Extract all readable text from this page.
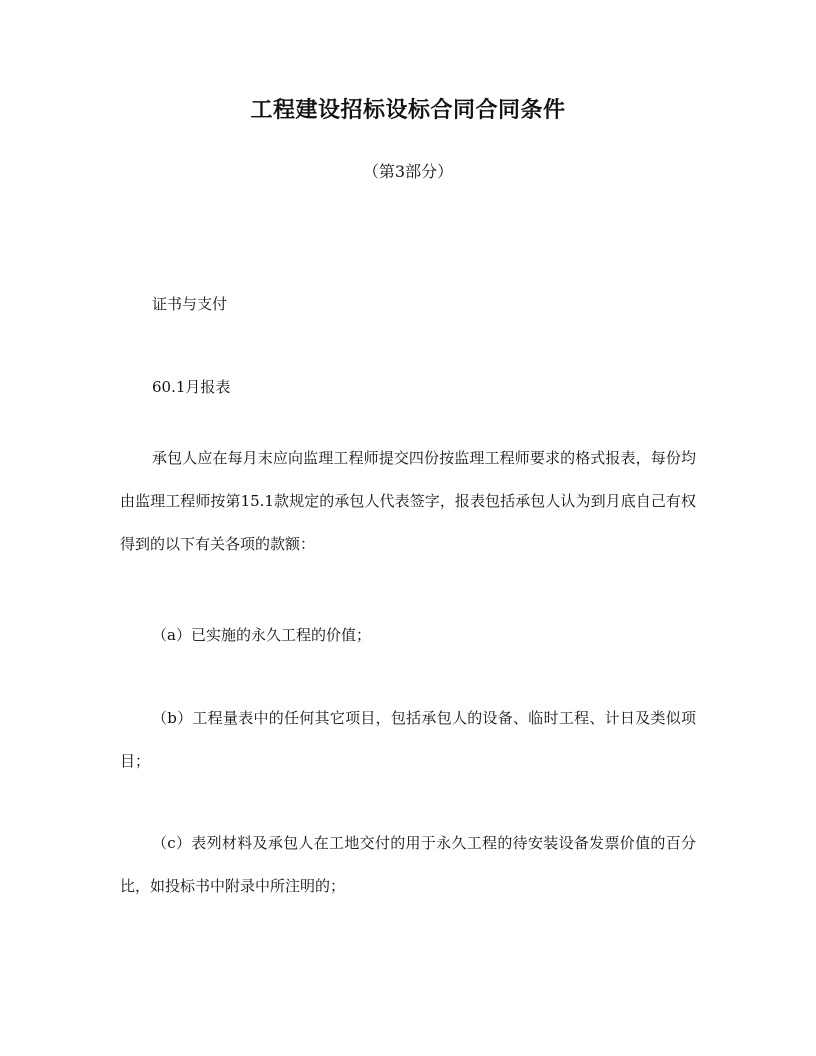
工程建设招标设标合同合同条件

（第3部分）

证书与支付

60.1月报表

承包人应在每月末应向监理工程师提交四份按监理工程师要求的格式报表，每份均由监理工程师按第15.1款规定的承包人代表签字，报表包括承包人认为到月底自己有权得到的以下有关各项的款额：

（a）已实施的永久工程的价值；

（b）工程量表中的任何其它项目，包括承包人的设备、临时工程、计日及类似项目；

（c）表列材料及承包人在工地交付的用于永久工程的待安装设备发票价值的百分比，如投标书中附录中所注明的；
